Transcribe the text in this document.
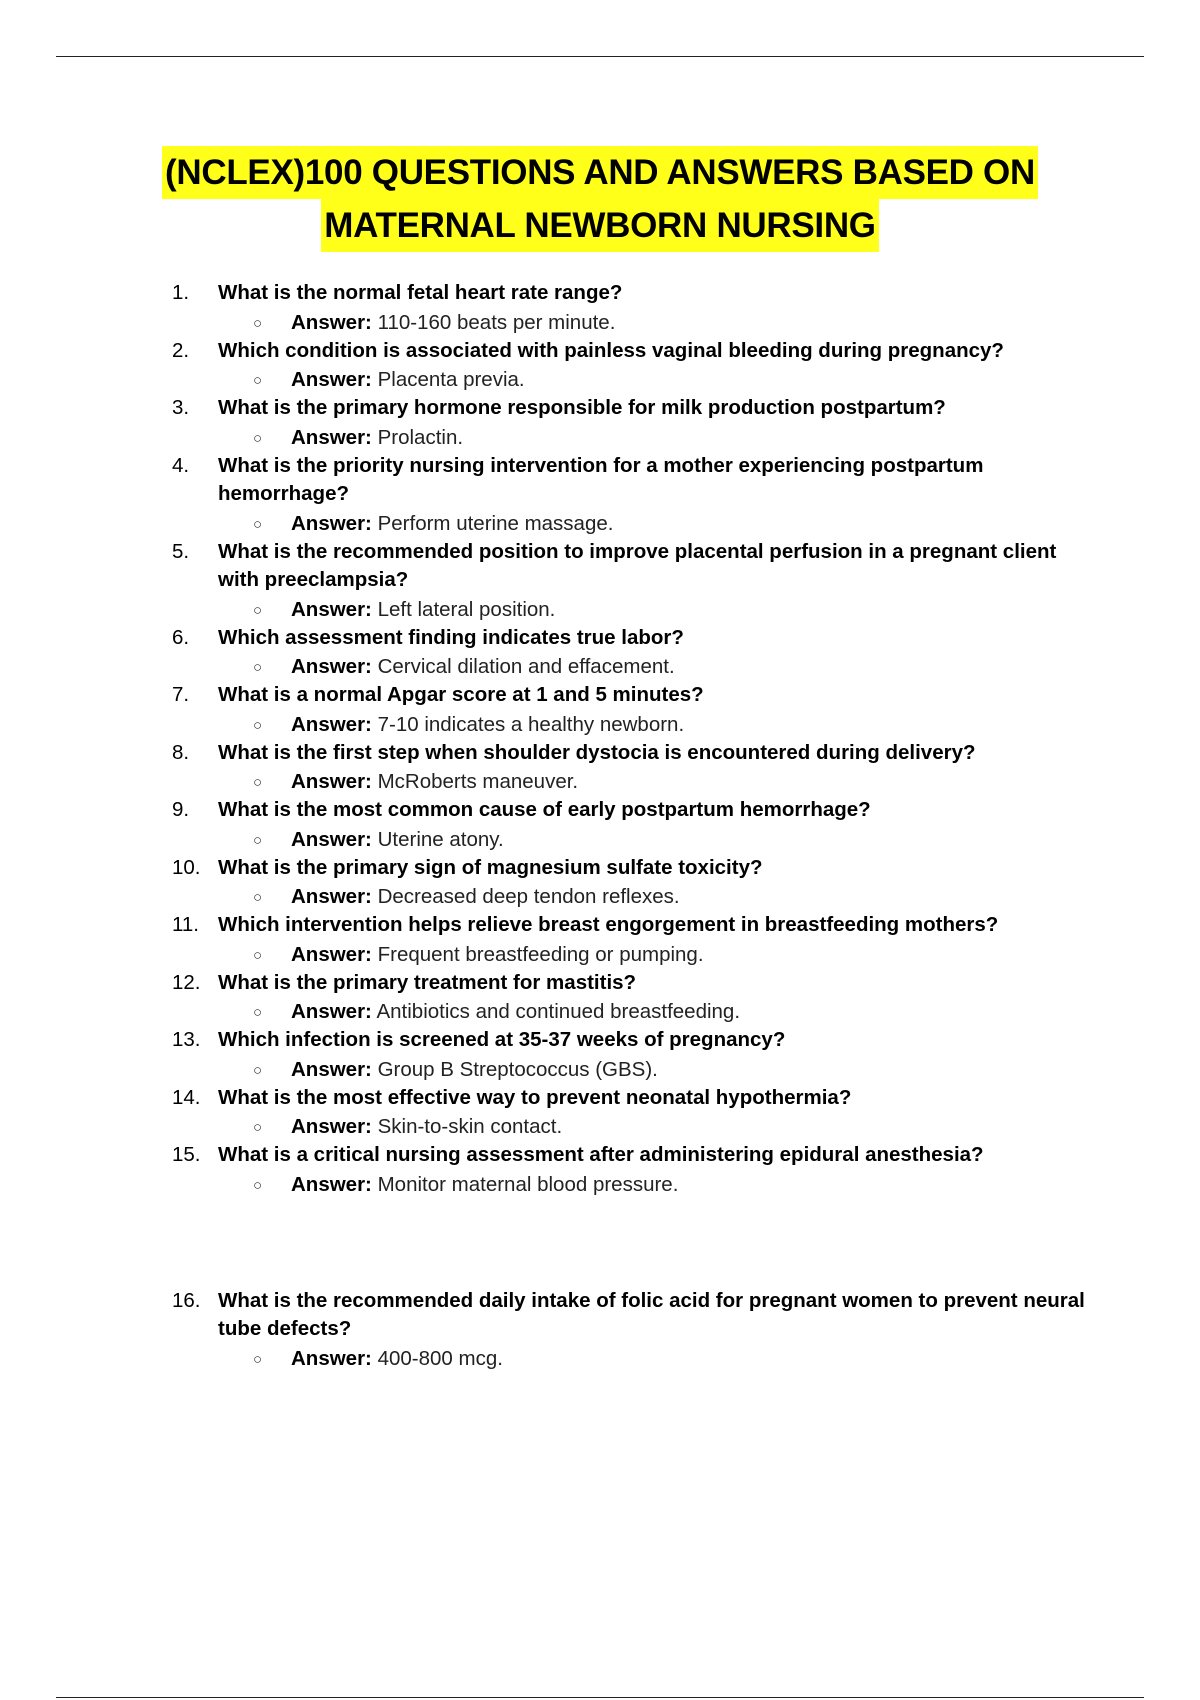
(NCLEX)100 QUESTIONS AND ANSWERS BASED ON
MATERNAL NEWBORN NURSING
1.	What is the normal fetal heart rate range?
○ Answer: 110-160 beats per minute.
2.	Which condition is associated with painless vaginal bleeding during pregnancy?
○ Answer: Placenta previa.
3.	What is the primary hormone responsible for milk production postpartum?
○ Answer: Prolactin.
4.	What is the priority nursing intervention for a mother experiencing postpartum hemorrhage?
○ Answer: Perform uterine massage.
5.	What is the recommended position to improve placental perfusion in a pregnant client with preeclampsia?
○ Answer: Left lateral position.
6.	Which assessment finding indicates true labor?
○ Answer: Cervical dilation and effacement.
7.	What is a normal Apgar score at 1 and 5 minutes?
○ Answer: 7-10 indicates a healthy newborn.
8.	What is the first step when shoulder dystocia is encountered during delivery?
○ Answer: McRoberts maneuver.
9.	What is the most common cause of early postpartum hemorrhage?
○ Answer: Uterine atony.
10. What is the primary sign of magnesium sulfate toxicity?
○ Answer: Decreased deep tendon reflexes.
11. Which intervention helps relieve breast engorgement in breastfeeding mothers?
○ Answer: Frequent breastfeeding or pumping.
12. What is the primary treatment for mastitis?
○ Answer: Antibiotics and continued breastfeeding.
13. Which infection is screened at 35-37 weeks of pregnancy?
○ Answer: Group B Streptococcus (GBS).
14. What is the most effective way to prevent neonatal hypothermia?
○ Answer: Skin-to-skin contact.
15. What is a critical nursing assessment after administering epidural anesthesia?
○ Answer: Monitor maternal blood pressure.
16. What is the recommended daily intake of folic acid for pregnant women to prevent neural tube defects?
○ Answer: 400-800 mcg.
